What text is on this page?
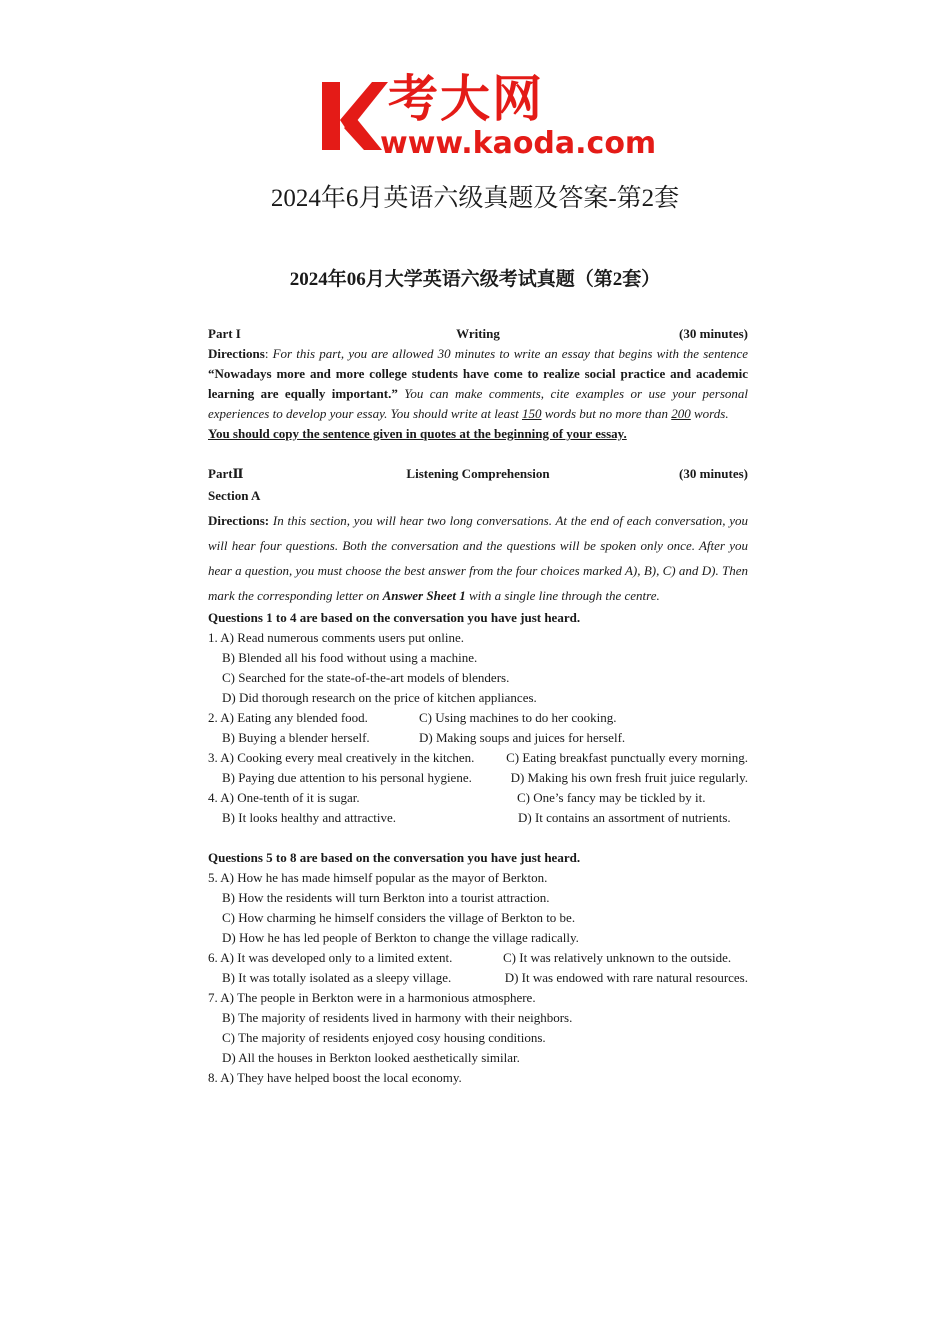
考大网
www.kaoda.com
2024年6月英语六级真题及答案-第2套
2024年06月大学英语六级考试真题（第2套）
Part I	Writing	(30 minutes)

Directions: For this part, you are allowed 30 minutes to write an essay that begins with the sentence “Nowadays more and more college students have come to realize social practice and academic learning are equally important.” You can make comments, cite examples or use your personal experiences to develop your essay. You should write at least 150 words but no more than 200 words.

You should copy the sentence given in quotes at the beginning of your essay.
PartⅡ	Listening Comprehension	(30 minutes)
Section A

Directions: In this section, you will hear two long conversations. At the end of each conversation, you will hear four questions. Both the conversation and the questions will be spoken only once. After you hear a question, you must choose the best answer from the four choices marked A), B), C) and D). Then mark the corresponding letter on Answer Sheet 1 with a single line through the centre.

Questions 1 to 4 are based on the conversation you have just heard.
1. A) Read numerous comments users put online.
B) Blended all his food without using a machine.
C) Searched for the state-of-the-art models of blenders.
D) Did thorough research on the price of kitchen appliances.
2. A) Eating any blended food.	C) Using machines to do her cooking.
B) Buying a blender herself.	D) Making soups and juices for herself.
3. A) Cooking every meal creatively in the kitchen.	C) Eating breakfast punctually every morning.
B) Paying due attention to his personal hygiene.	D) Making his own fresh fruit juice regularly.
4. A) One-tenth of it is sugar.	C) One’s fancy may be tickled by it.
B) It looks healthy and attractive.	D) It contains an assortment of nutrients.
Questions 5 to 8 are based on the conversation you have just heard.
5. A) How he has made himself popular as the mayor of Berkton.
B) How the residents will turn Berkton into a tourist attraction.
C) How charming he himself considers the village of Berkton to be.
D) How he has led people of Berkton to change the village radically.
6. A) It was developed only to a limited extent.	C) It was relatively unknown to the outside.
B) It was totally isolated as a sleepy village.	D) It was endowed with rare natural resources.
7. A) The people in Berkton were in a harmonious atmosphere.
B) The majority of residents lived in harmony with their neighbors.
C) The majority of residents enjoyed cosy housing conditions.
D) All the houses in Berkton looked aesthetically similar.
8. A) They have helped boost the local economy.
